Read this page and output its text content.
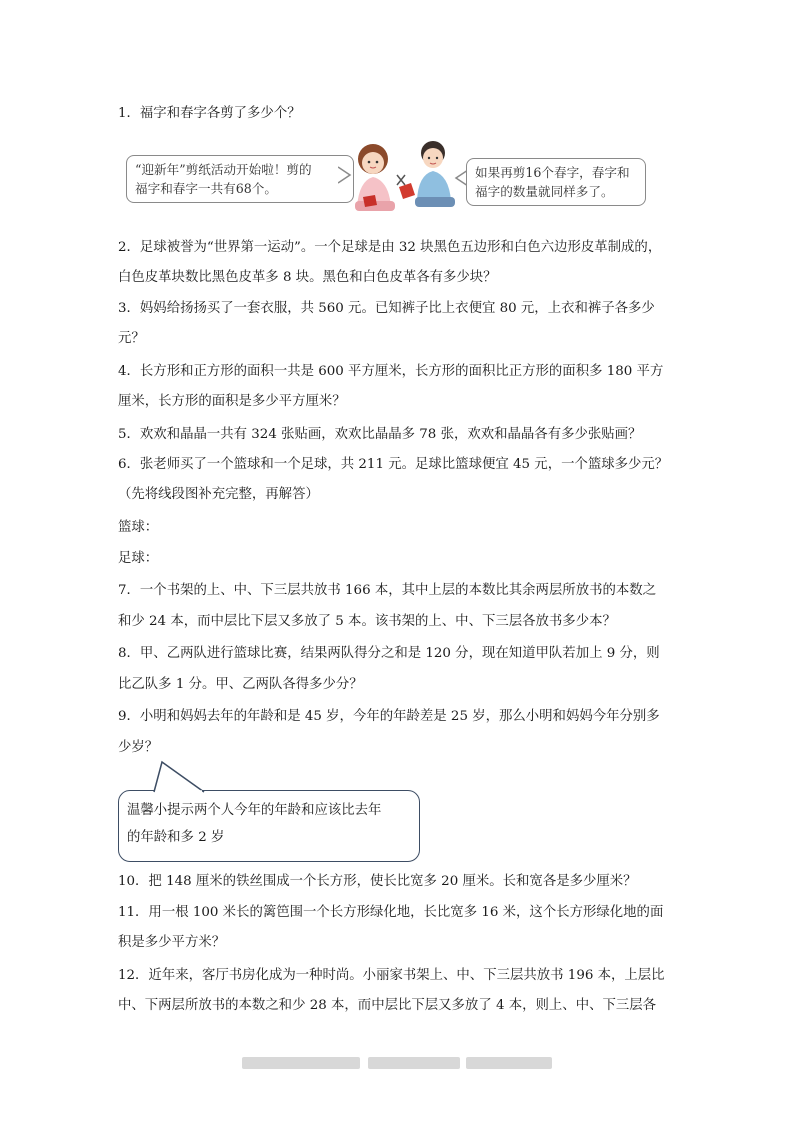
1．福字和春字各剪了多少个？
“迎新年”剪纸活动开始啦！剪的
福字和春字一共有68个。
如果再剪16个春字，春字和
福字的数量就同样多了。
2．足球被誉为“世界第一运动”。一个足球是由 32 块黑色五边形和白色六边形皮革制成的，
白色皮革块数比黑色皮革多 8 块。黑色和白色皮革各有多少块？
3．妈妈给扬扬买了一套衣服，共 560 元。已知裤子比上衣便宜 80 元，上衣和裤子各多少
元？
4．长方形和正方形的面积一共是 600 平方厘米，长方形的面积比正方形的面积多 180 平方
厘米，长方形的面积是多少平方厘米？
5．欢欢和晶晶一共有 324 张贴画，欢欢比晶晶多 78 张，欢欢和晶晶各有多少张贴画？
6．张老师买了一个篮球和一个足球，共 211 元。足球比篮球便宜 45 元，一个篮球多少元？
（先将线段图补充完整，再解答）
篮球：
足球：
7．一个书架的上、中、下三层共放书 166 本，其中上层的本数比其余两层所放书的本数之
和少 24 本，而中层比下层又多放了 5 本。该书架的上、中、下三层各放书多少本？
8．甲、乙两队进行篮球比赛，结果两队得分之和是 120 分，现在知道甲队若加上 9 分，则
比乙队多 1 分。甲、乙两队各得多少分？
9．小明和妈妈去年的年龄和是 45 岁，今年的年龄差是 25 岁，那么小明和妈妈今年分别多
少岁？
温馨小提示两个人今年的年龄和应该比去年
的年龄和多 2 岁
10．把 148 厘米的铁丝围成一个长方形，使长比宽多 20 厘米。长和宽各是多少厘米？
11．用一根 100 米长的篱笆围一个长方形绿化地，长比宽多 16 米，这个长方形绿化地的面
积是多少平方米？
12．近年来，客厅书房化成为一种时尚。小丽家书架上、中、下三层共放书 196 本，上层比
中、下两层所放书的本数之和少 28 本，而中层比下层又多放了 4 本，则上、中、下三层各
